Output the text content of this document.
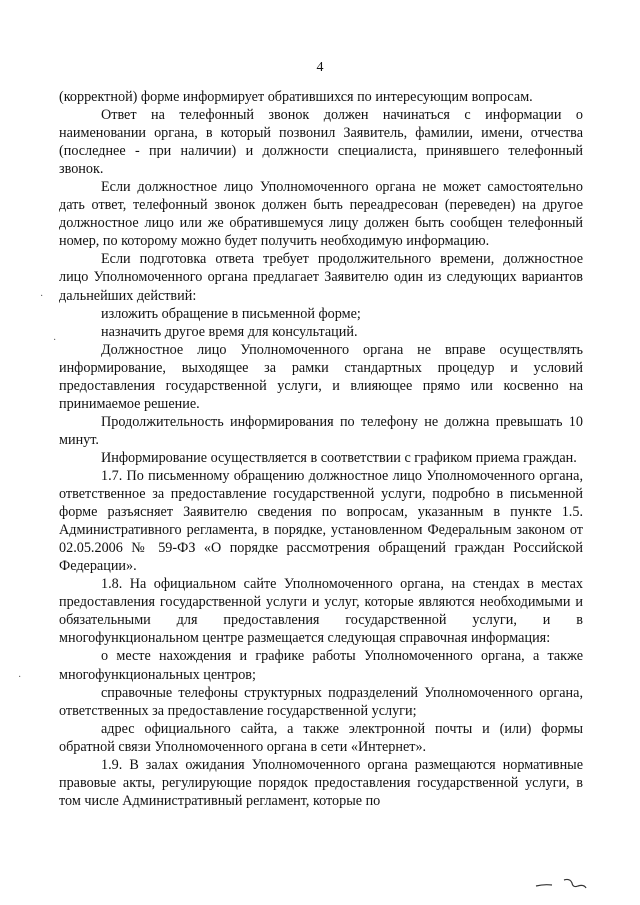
4

(корректной) форме информирует обратившихся по интересующим вопросам.

Ответ на телефонный звонок должен начинаться с информации о наименовании органа, в который позвонил Заявитель, фамилии, имени, отчества (последнее - при наличии) и должности специалиста, принявшего телефонный звонок.

Если должностное лицо Уполномоченного органа не может самостоятельно дать ответ, телефонный звонок должен быть переадресован (переведен) на другое должностное лицо или же обратившемуся лицу должен быть сообщен телефонный номер, по которому можно будет получить необходимую информацию.

Если подготовка ответа требует продолжительного времени, должностное лицо Уполномоченного органа предлагает Заявителю один из следующих вариантов дальнейших действий:

изложить обращение в письменной форме;

назначить другое время для консультаций.

Должностное лицо Уполномоченного органа не вправе осуществлять информирование, выходящее за рамки стандартных процедур и условий предоставления государственной услуги, и влияющее прямо или косвенно на принимаемое решение.

Продолжительность информирования по телефону не должна превышать 10 минут.

Информирование осуществляется в соответствии с графиком приема граждан.

1.7. По письменному обращению должностное лицо Уполномоченного органа, ответственное за предоставление государственной услуги, подробно в письменной форме разъясняет Заявителю сведения по вопросам, указанным в пункте 1.5. Административного регламента, в порядке, установленном Федеральным законом от 02.05.2006 № 59-ФЗ «О порядке рассмотрения обращений граждан Российской Федерации».

1.8. На официальном сайте Уполномоченного органа, на стендах в местах предоставления государственной услуги и услуг, которые являются необходимыми и обязательными для предоставления государственной услуги, и в многофункциональном центре размещается следующая справочная информация:

о месте нахождения и графике работы Уполномоченного органа, а также многофункциональных центров;

справочные телефоны структурных подразделений Уполномоченного органа, ответственных за предоставление государственной услуги;

адрес официального сайта, а также электронной почты и (или) формы обратной связи Уполномоченного органа в сети «Интернет».

1.9. В залах ожидания Уполномоченного органа размещаются нормативные правовые акты, регулирующие порядок предоставления государственной услуги, в том числе Административный регламент, которые по

·
·
·
